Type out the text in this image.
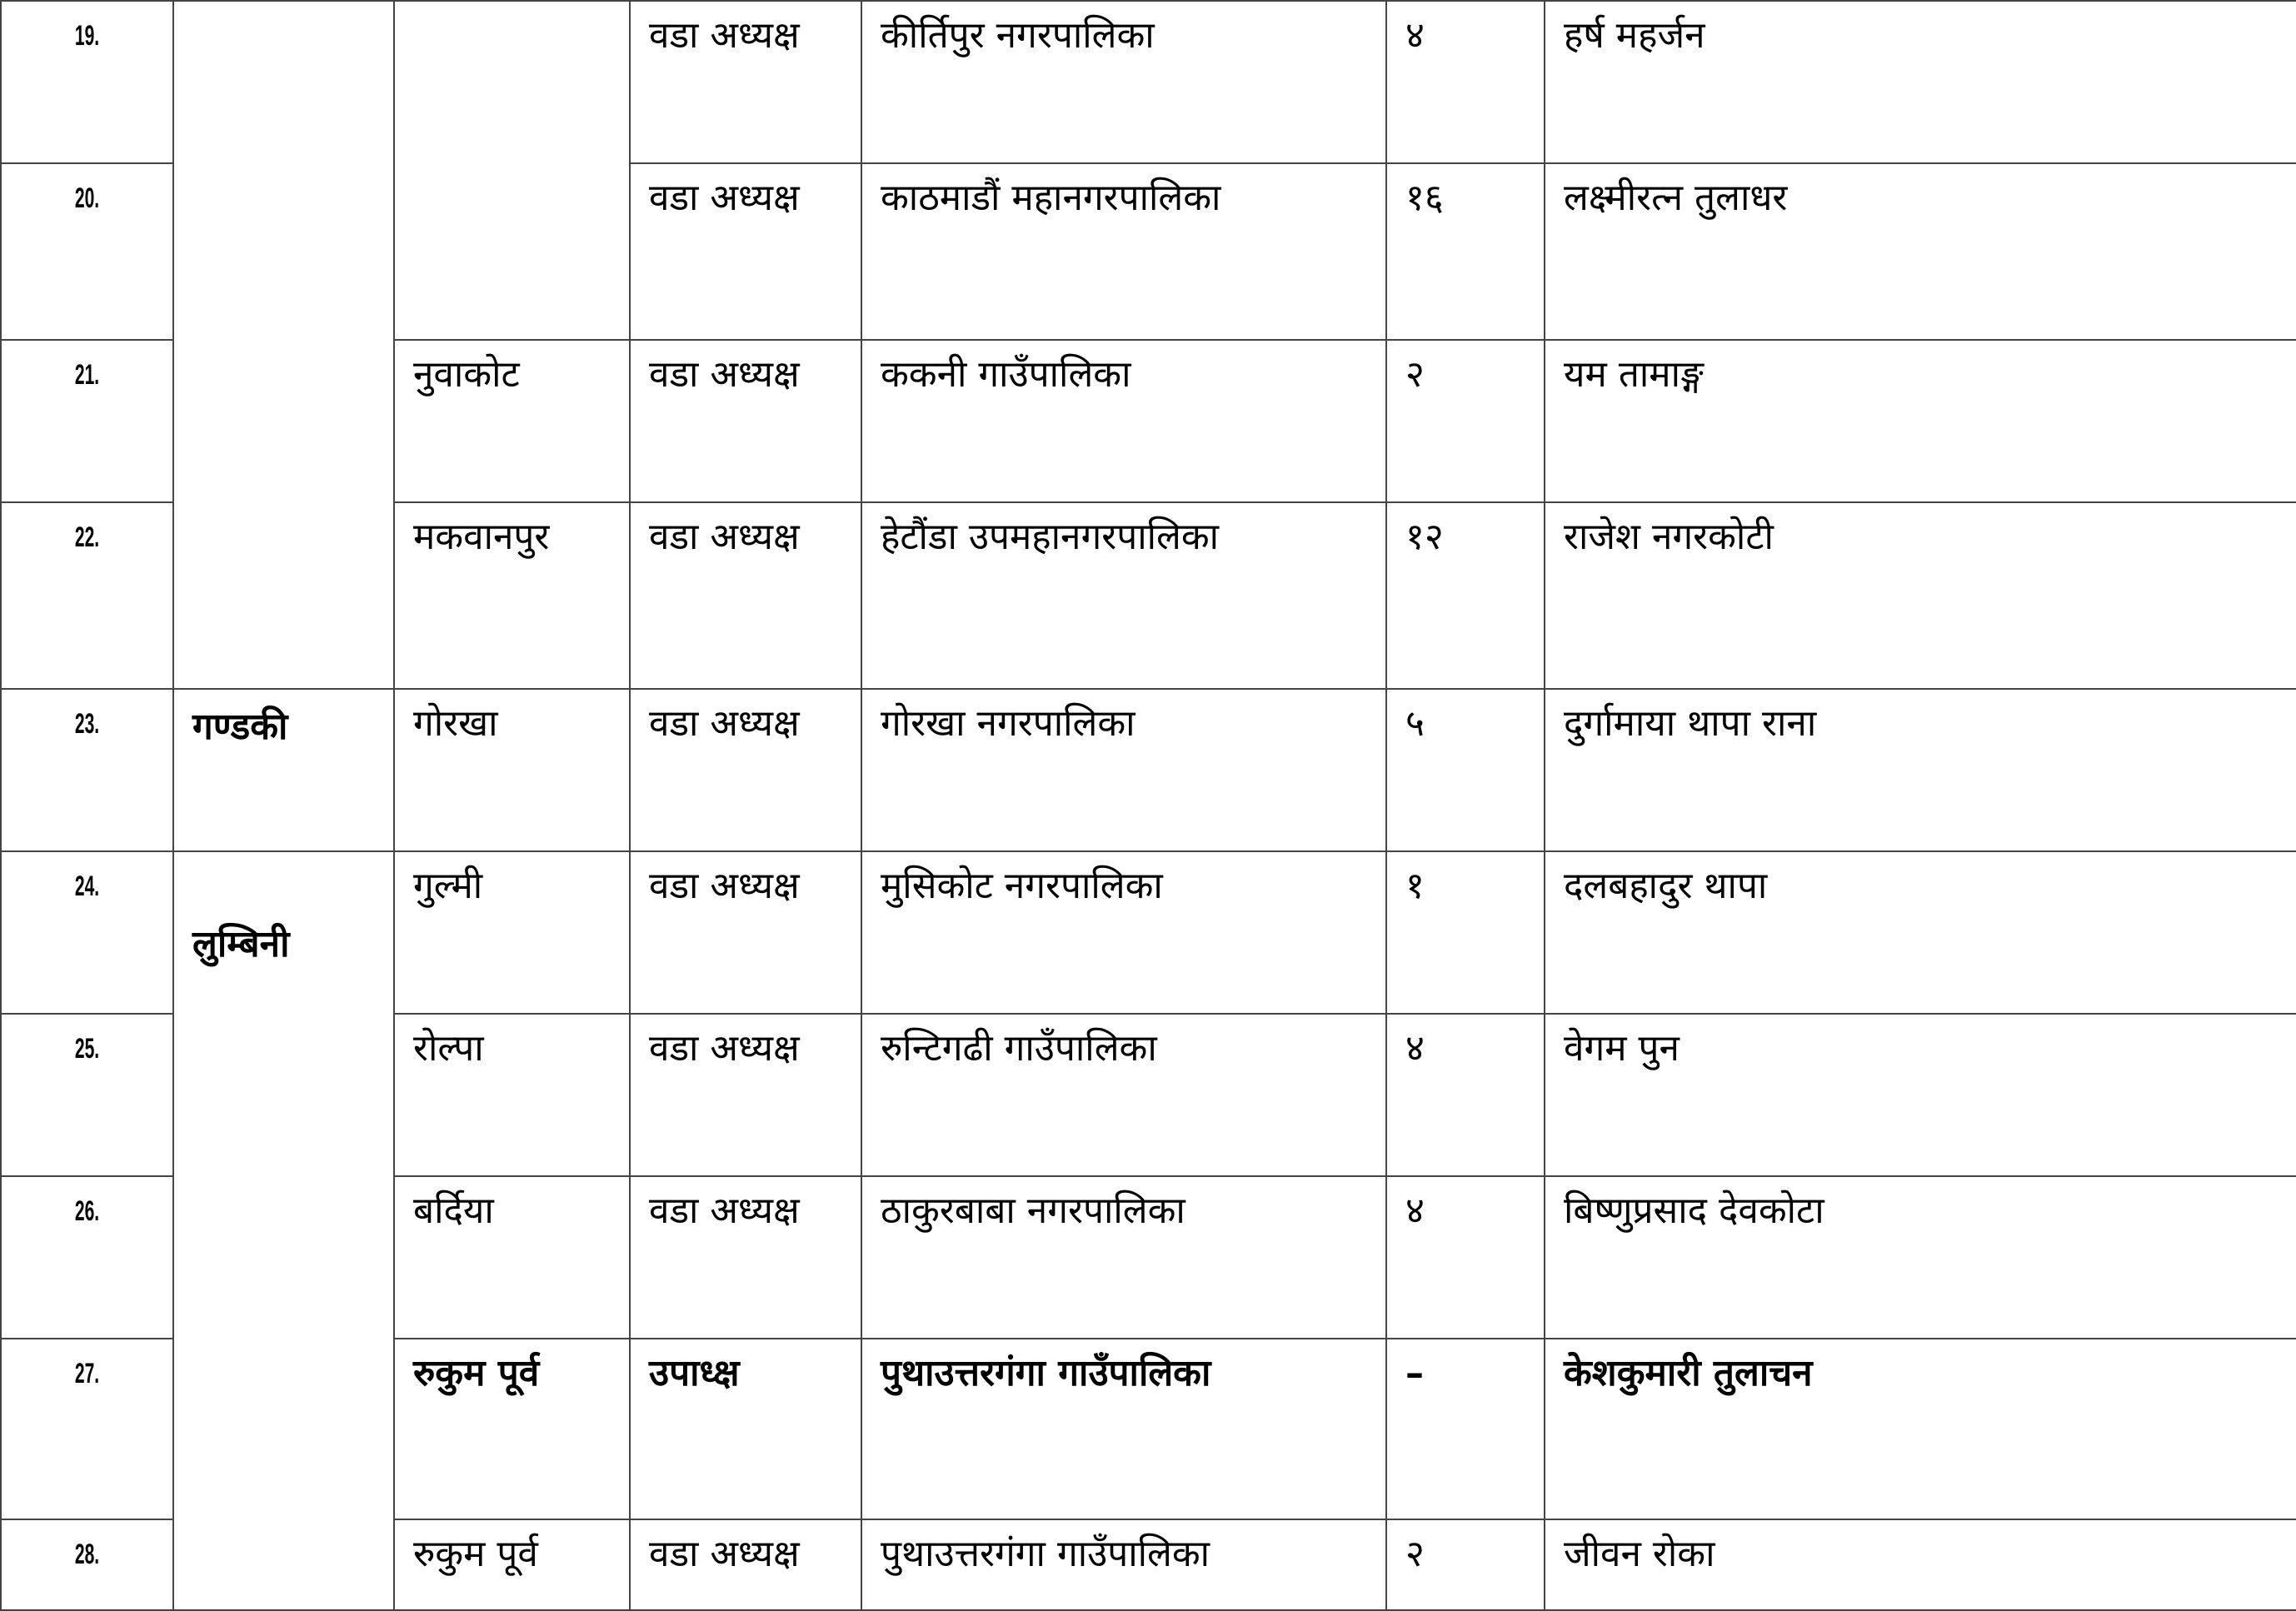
19.			वडा अध्यक्ष	कीर्तिपुर नगरपालिका	४	हर्ष महर्जन

20.			वडा अध्यक्ष	काठमाडौं महानगरपालिका	१६	लक्ष्मीरत्न तुलाधर

21.		नुवाकोट	वडा अध्यक्ष	ककनी गाउँपालिका	२	यम तामाङ्ग

22.		मकवानपुर	वडा अध्यक्ष	हेटौंडा उपमहानगरपालिका	१२	राजेश नगरकोटी

23.	गण्डकी	गोरखा	वडा अध्यक्ष	गोरखा नगरपालिका	५	दुर्गामाया थापा राना

24.	लुम्बिनी	गुल्मी	वडा अध्यक्ष	मुसिकोट नगरपालिका	१	दलबहादुर थापा

25.		रोल्पा	वडा अध्यक्ष	रुन्टिगढी गाउँपालिका	४	वेगम पुन

26.		बर्दिया	वडा अध्यक्ष	ठाकुरबाबा नगरपालिका	४	बिष्णुप्रसाद देवकोटा

27.		रुकुम पूर्व	उपाध्क्ष	पुथाउत्तरगंगा गाउँपालिका	–	केशकुमारी तुलाचन

28.		रुकुम पूर्व	वडा अध्यक्ष	पुथाउत्तरगंगा गाउँपालिका	२	जीवन रोका
